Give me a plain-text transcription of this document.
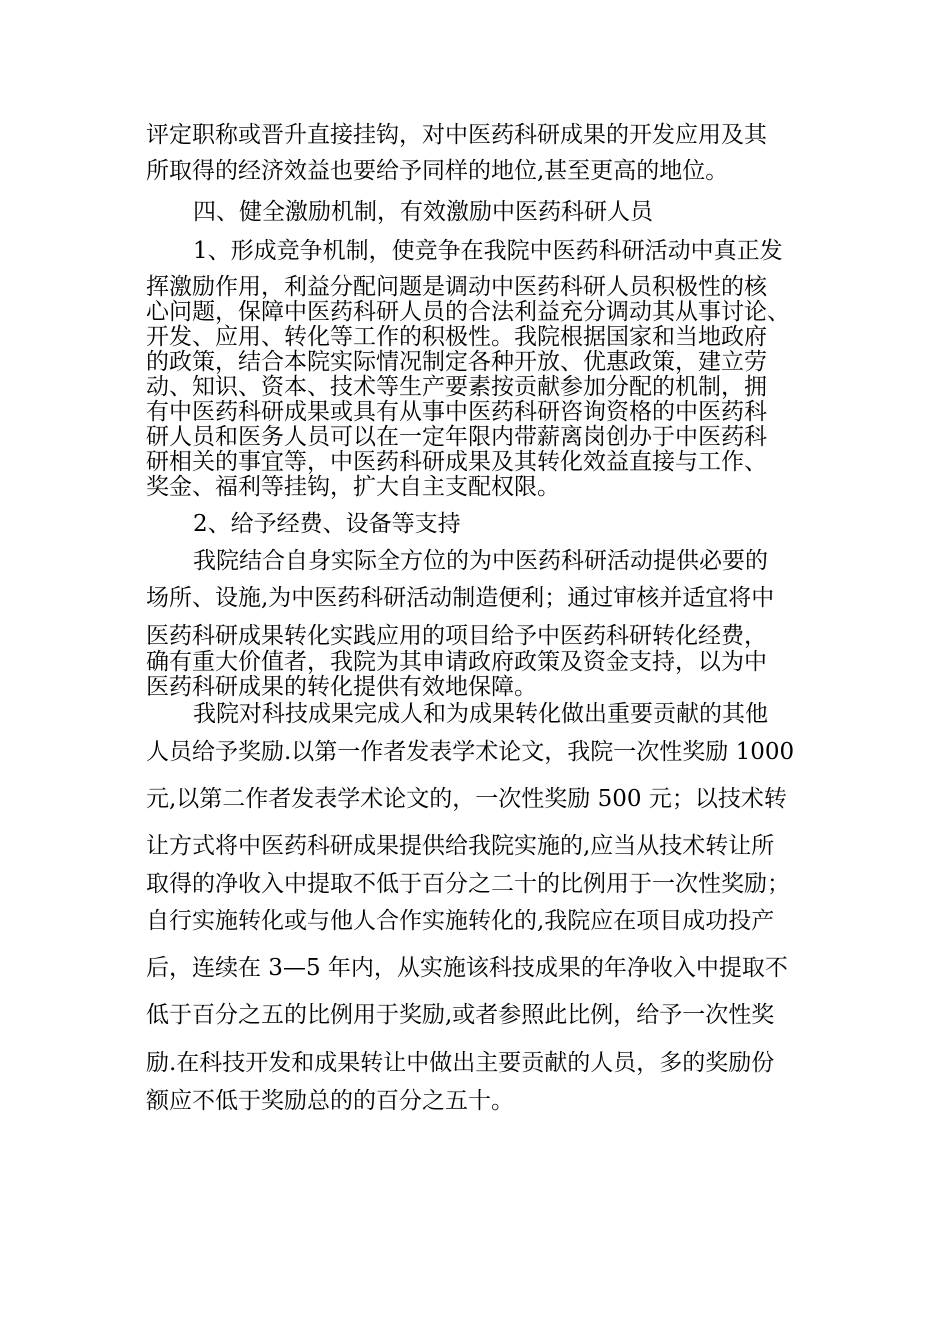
评定职称或晋升直接挂钩，对中医药科研成果的开发应用及其
所取得的经济效益也要给予同样的地位,甚至更高的地位。
四、健全激励机制，有效激励中医药科研人员
1、形成竞争机制，使竞争在我院中医药科研活动中真正发
挥激励作用，利益分配问题是调动中医药科研人员积极性的核
心问题，保障中医药科研人员的合法利益充分调动其从事讨论、
开发、应用、转化等工作的积极性。我院根据国家和当地政府
的政策，结合本院实际情况制定各种开放、优惠政策，建立劳
动、知识、资本、技术等生产要素按贡献参加分配的机制，拥
有中医药科研成果或具有从事中医药科研咨询资格的中医药科
研人员和医务人员可以在一定年限内带薪离岗创办于中医药科
研相关的事宜等，中医药科研成果及其转化效益直接与工作、
奖金、福利等挂钩，扩大自主支配权限。
2、给予经费、设备等支持
我院结合自身实际全方位的为中医药科研活动提供必要的
场所、设施,为中医药科研活动制造便利；通过审核并适宜将中
医药科研成果转化实践应用的项目给予中医药科研转化经费，
确有重大价值者，我院为其申请政府政策及资金支持，以为中
医药科研成果的转化提供有效地保障。
我院对科技成果完成人和为成果转化做出重要贡献的其他
人员给予奖励.以第一作者发表学术论文，我院一次性奖励 1000
元,以第二作者发表学术论文的，一次性奖励 500 元；以技术转
让方式将中医药科研成果提供给我院实施的,应当从技术转让所
取得的净收入中提取不低于百分之二十的比例用于一次性奖励；
自行实施转化或与他人合作实施转化的,我院应在项目成功投产
后，连续在 3—5 年内，从实施该科技成果的年净收入中提取不
低于百分之五的比例用于奖励,或者参照此比例，给予一次性奖
励.在科技开发和成果转让中做出主要贡献的人员，多的奖励份
额应不低于奖励总的的百分之五十。
